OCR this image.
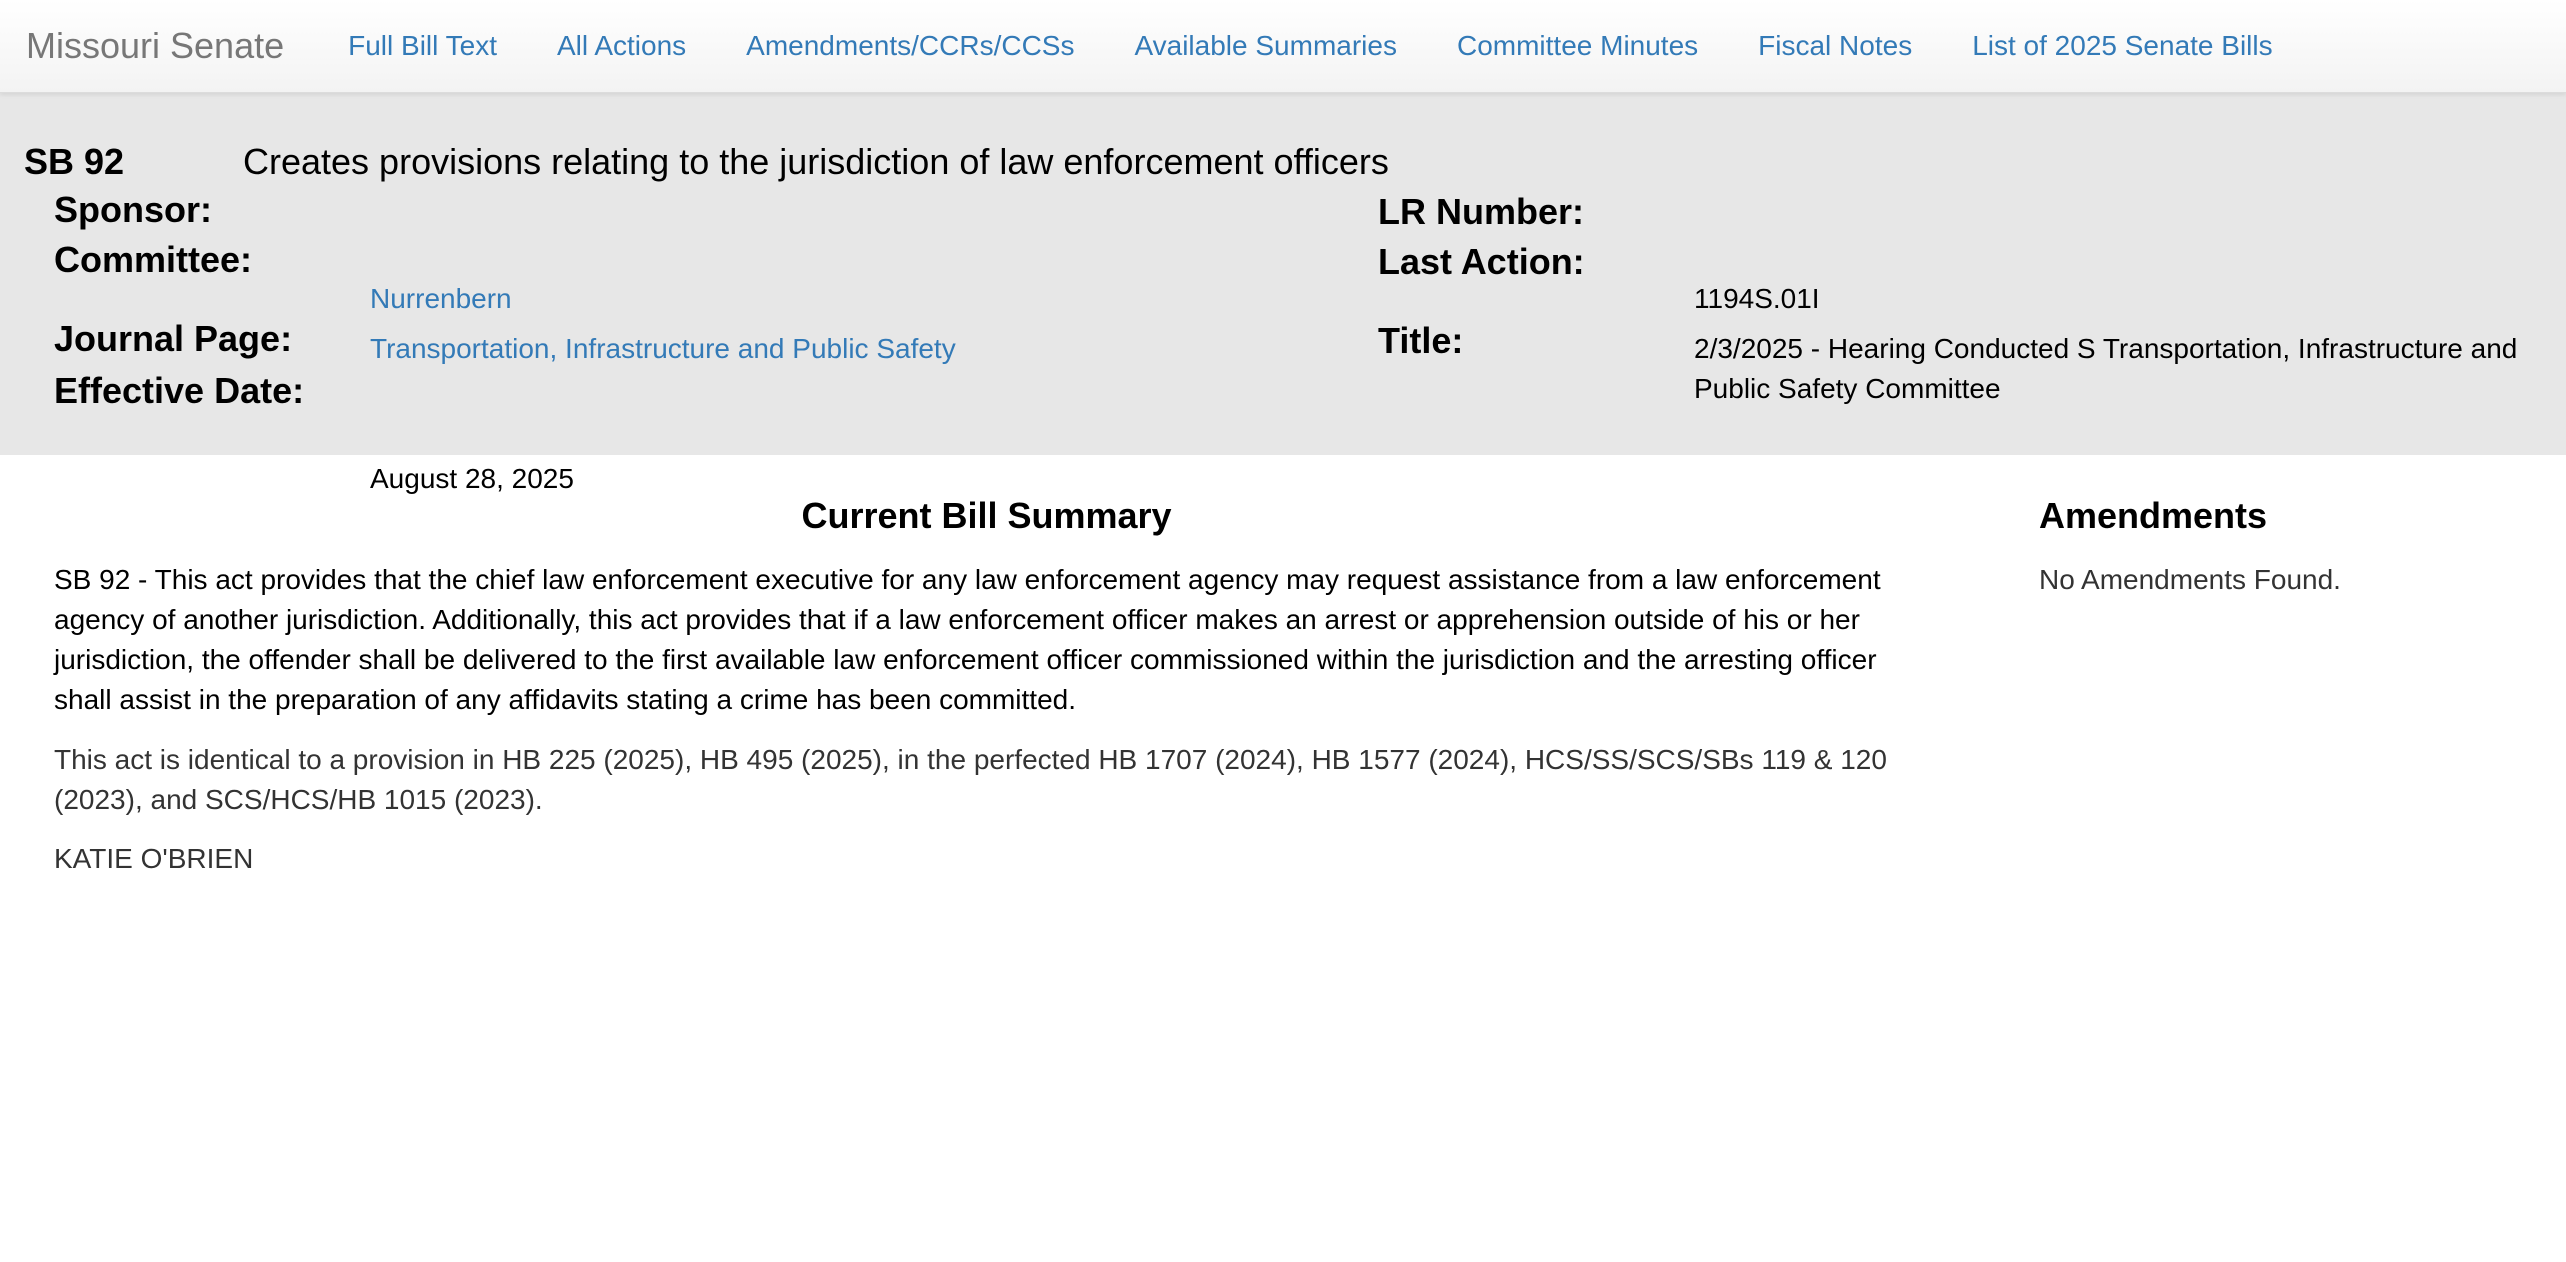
Missouri Senate Full Bill Text All Actions Amendments/CCRs/CCSs Available Summaries Committee Minutes Fiscal Notes List of 2025 Senate Bills
SB 92	Creates provisions relating to the jurisdiction of law enforcement officers
Sponsor:
Nurrenbern
Committee:
Transportation, Infrastructure and Public Safety
Journal Page:
Effective Date:
August 28, 2025
LR Number:
1194S.01I
Last Action:
2/3/2025 - Hearing Conducted S Transportation, Infrastructure and Public Safety Committee
Title:
Current Bill Summary

SB 92 - This act provides that the chief law enforcement executive for any law enforcement agency may request assistance from a law enforcement agency of another jurisdiction. Additionally, this act provides that if a law enforcement officer makes an arrest or apprehension outside of his or her jurisdiction, the offender shall be delivered to the first available law enforcement officer commissioned within the jurisdiction and the arresting officer shall assist in the preparation of any affidavits stating a crime has been committed.

This act is identical to a provision in HB 225 (2025), HB 495 (2025), in the perfected HB 1707 (2024), HB 1577 (2024), HCS/SS/SCS/SBs 119 & 120 (2023), and SCS/HCS/HB 1015 (2023).

KATIE O'BRIEN

Amendments

No Amendments Found.
